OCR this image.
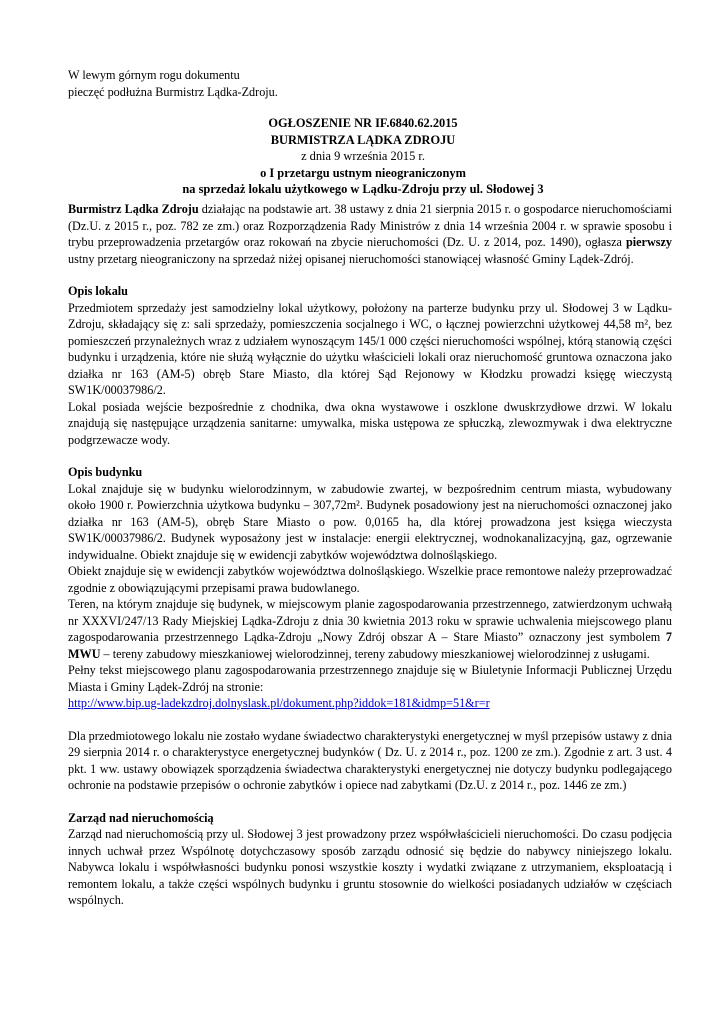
W lewym górnym rogu dokumentu
pieczęć podłużna Burmistrz Lądka-Zdroju.
OGŁOSZENIE NR IF.6840.62.2015
BURMISTRZA LĄDKA ZDROJU
z dnia 9 września 2015 r.
o I przetargu ustnym nieograniczonym
na sprzedaż lokalu użytkowego w Lądku-Zdroju przy ul. Słodowej 3

Burmistrz Lądka Zdroju działając na podstawie art. 38 ustawy z dnia 21 sierpnia 2015 r. o gospodarce nieruchomościami (Dz.U. z 2015 r., poz. 782 ze zm.) oraz Rozporządzenia Rady Ministrów z dnia 14 września 2004 r. w sprawie sposobu i trybu przeprowadzenia przetargów oraz rokowań na zbycie nieruchomości (Dz. U. z 2014, poz. 1490), ogłasza pierwszy ustny przetarg nieograniczony na sprzedaż niżej opisanej nieruchomości stanowiącej własność Gminy Lądek-Zdrój.

Opis lokalu

Przedmiotem sprzedaży jest samodzielny lokal użytkowy, położony na parterze budynku przy ul. Słodowej 3 w Lądku-Zdroju, składający się z: sali sprzedaży, pomieszczenia socjalnego i WC, o łącznej powierzchni użytkowej 44,58 m², bez pomieszczeń przynależnych wraz z udziałem wynoszącym 145/1 000 części nieruchomości wspólnej, którą stanowią części budynku i urządzenia, które nie służą wyłącznie do użytku właścicieli lokali oraz nieruchomość gruntowa oznaczona jako działka nr 163 (AM-5) obręb Stare Miasto, dla której Sąd Rejonowy w Kłodzku prowadzi księgę wieczystą SW1K/00037986/2.

Lokal posiada wejście bezpośrednie z chodnika, dwa okna wystawowe i oszklone dwuskrzydłowe drzwi. W lokalu znajdują się następujące urządzenia sanitarne: umywalka, miska ustępowa ze spłuczką, zlewozmywak i dwa elektryczne podgrzewacze wody.

Opis budynku

Lokal znajduje się w budynku wielorodzinnym, w zabudowie zwartej, w bezpośrednim centrum miasta, wybudowany około 1900 r. Powierzchnia użytkowa budynku – 307,72m². Budynek posadowiony jest na nieruchomości oznaczonej jako działka nr 163 (AM-5), obręb Stare Miasto o pow. 0,0165 ha, dla której prowadzona jest księga wieczysta SW1K/00037986/2. Budynek wyposażony jest w instalacje: energii elektrycznej, wodnokanalizacyjną, gaz, ogrzewanie indywidualne. Obiekt znajduje się w ewidencji zabytków województwa dolnośląskiego.

Obiekt znajduje się w ewidencji zabytków województwa dolnośląskiego. Wszelkie prace remontowe należy przeprowadzać zgodnie z obowiązującymi przepisami prawa budowlanego.

Teren, na którym znajduje się budynek, w miejscowym planie zagospodarowania przestrzennego, zatwierdzonym uchwałą nr XXXVI/247/13 Rady Miejskiej Lądka-Zdroju z dnia 30 kwietnia 2013 roku w sprawie uchwalenia miejscowego planu zagospodarowania przestrzennego Lądka-Zdroju „Nowy Zdrój obszar A – Stare Miasto” oznaczony jest symbolem 7 MWU – tereny zabudowy mieszkaniowej wielorodzinnej, tereny zabudowy mieszkaniowej wielorodzinnej z usługami.

Pełny tekst miejscowego planu zagospodarowania przestrzennego znajduje się w Biuletynie Informacji Publicznej Urzędu Miasta i Gminy Lądek-Zdrój na stronie:

http://www.bip.ug-ladekzdroj.dolnyslask.pl/dokument.php?iddok=181&idmp=51&r=r

Dla przedmiotowego lokalu nie zostało wydane świadectwo charakterystyki energetycznej w myśl przepisów ustawy z dnia 29 sierpnia 2014 r. o charakterystyce energetycznej budynków ( Dz. U. z 2014 r., poz. 1200 ze zm.). Zgodnie z art. 3 ust. 4 pkt. 1 ww. ustawy obowiązek sporządzenia świadectwa charakterystyki energetycznej nie dotyczy budynku podlegającego ochronie na podstawie przepisów o ochronie zabytków i opiece nad zabytkami (Dz.U. z 2014 r., poz. 1446 ze zm.)

Zarząd nad nieruchomością

Zarząd nad nieruchomością przy ul. Słodowej 3 jest prowadzony przez współwłaścicieli nieruchomości. Do czasu podjęcia innych uchwał przez Wspólnotę dotychczasowy sposób zarządu odnosić się będzie do nabywcy niniejszego lokalu. Nabywca lokalu i współwłasności budynku ponosi wszystkie koszty i wydatki związane z utrzymaniem, eksploatacją i remontem lokalu, a także części wspólnych budynku i gruntu stosownie do wielkości posiadanych udziałów w częściach wspólnych.
